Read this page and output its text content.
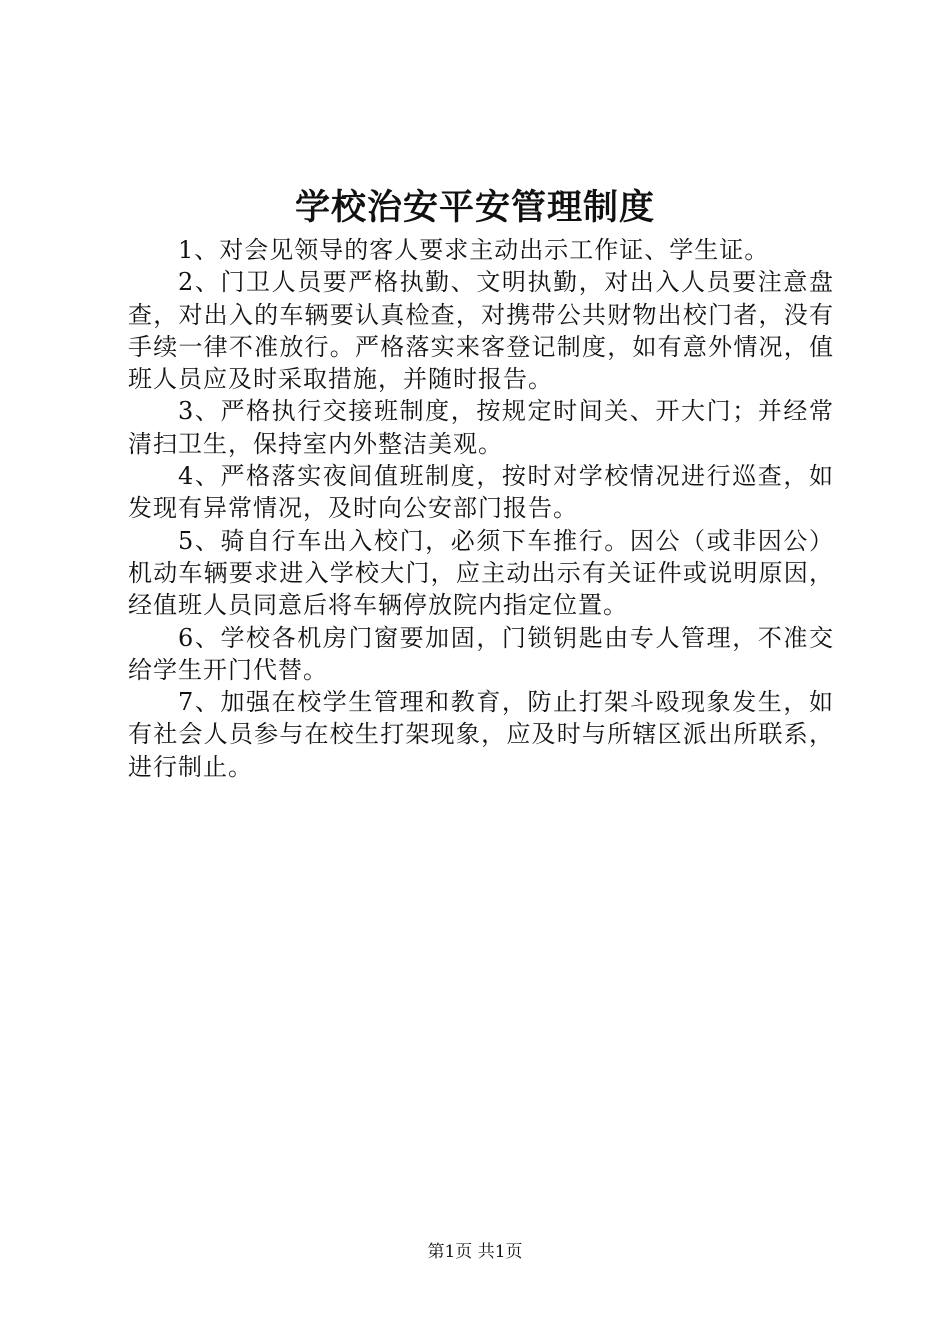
学校治安平安管理制度

1、对会见领导的客人要求主动出示工作证、学生证。

2、门卫人员要严格执勤、文明执勤，对出入人员要注意盘查，对出入的车辆要认真检查，对携带公共财物出校门者，没有手续一律不准放行。严格落实来客登记制度，如有意外情况，值班人员应及时采取措施，并随时报告。

3、严格执行交接班制度，按规定时间关、开大门；并经常清扫卫生，保持室内外整洁美观。

4、严格落实夜间值班制度，按时对学校情况进行巡查，如发现有异常情况，及时向公安部门报告。

5、骑自行车出入校门，必须下车推行。因公（或非因公）机动车辆要求进入学校大门，应主动出示有关证件或说明原因，经值班人员同意后将车辆停放院内指定位置。

6、学校各机房门窗要加固，门锁钥匙由专人管理，不准交给学生开门代替。

7、加强在校学生管理和教育，防止打架斗殴现象发生，如有社会人员参与在校生打架现象，应及时与所辖区派出所联系，进行制止。

第1页 共1页
